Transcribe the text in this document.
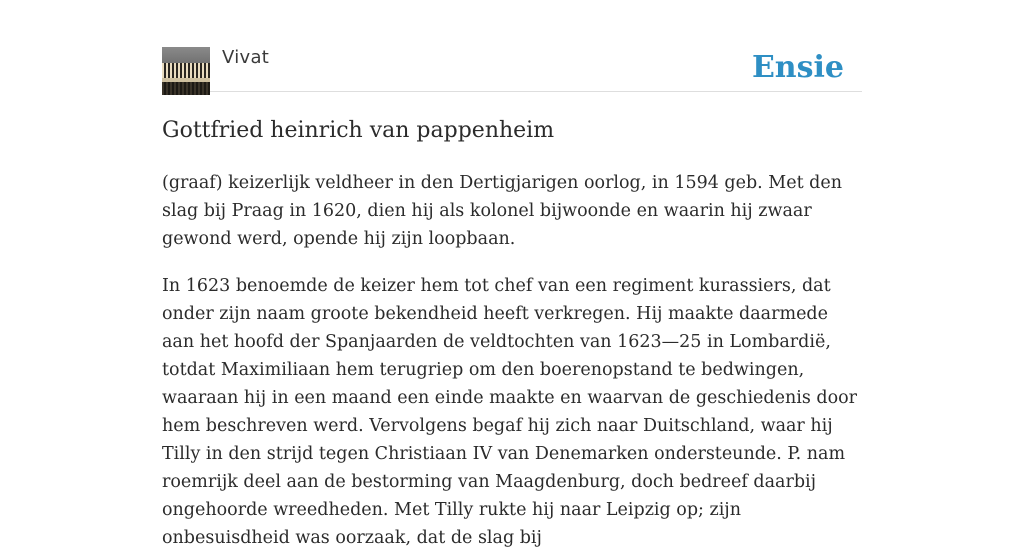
Vivat	Ensie
Gottfried heinrich van pappenheim

(graaf) keizerlijk veldheer in den Dertigjarigen oorlog, in 1594 geb. Met den slag bij Praag in 1620, dien hij als kolonel bijwoonde en waarin hij zwaar gewond werd, opende hij zijn loopbaan.

In 1623 benoemde de keizer hem tot chef van een regiment kurassiers, dat onder zijn naam groote bekendheid heeft verkregen. Hij maakte daarmede aan het hoofd der Spanjaarden de veldtochten van 1623—25 in Lombardië, totdat Maximiliaan hem terugriep om den boerenopstand te bedwingen, waaraan hij in een maand een einde maakte en waarvan de geschiedenis door hem beschreven werd. Vervolgens begaf hij zich naar Duitschland, waar hij Tilly in den strijd tegen Christiaan IV van Denemarken ondersteunde. P. nam roemrijk deel aan de bestorming van Maagdenburg, doch bedreef daarbij ongehoorde wreedheden. Met Tilly rukte hij naar Leipzig op; zijn onbesuisdheid was oorzaak, dat de slag bij
